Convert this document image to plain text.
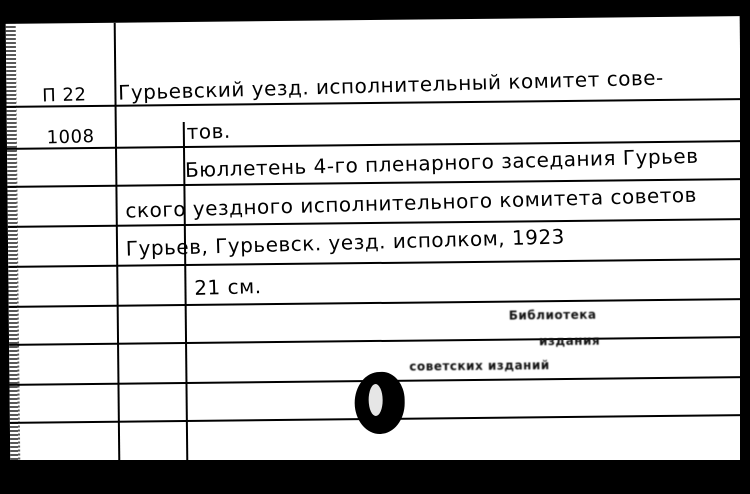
П 22
1008
Гурьевский уезд. исполнительный комитет сове-
тов.
Бюллетень 4-го пленарного заседания Гурьев
ского уездного исполнительного комитета советов
Гурьев, Гурьевск. уезд. исполком, 1923
21 см.
Библиотека
издания
советских изданий
